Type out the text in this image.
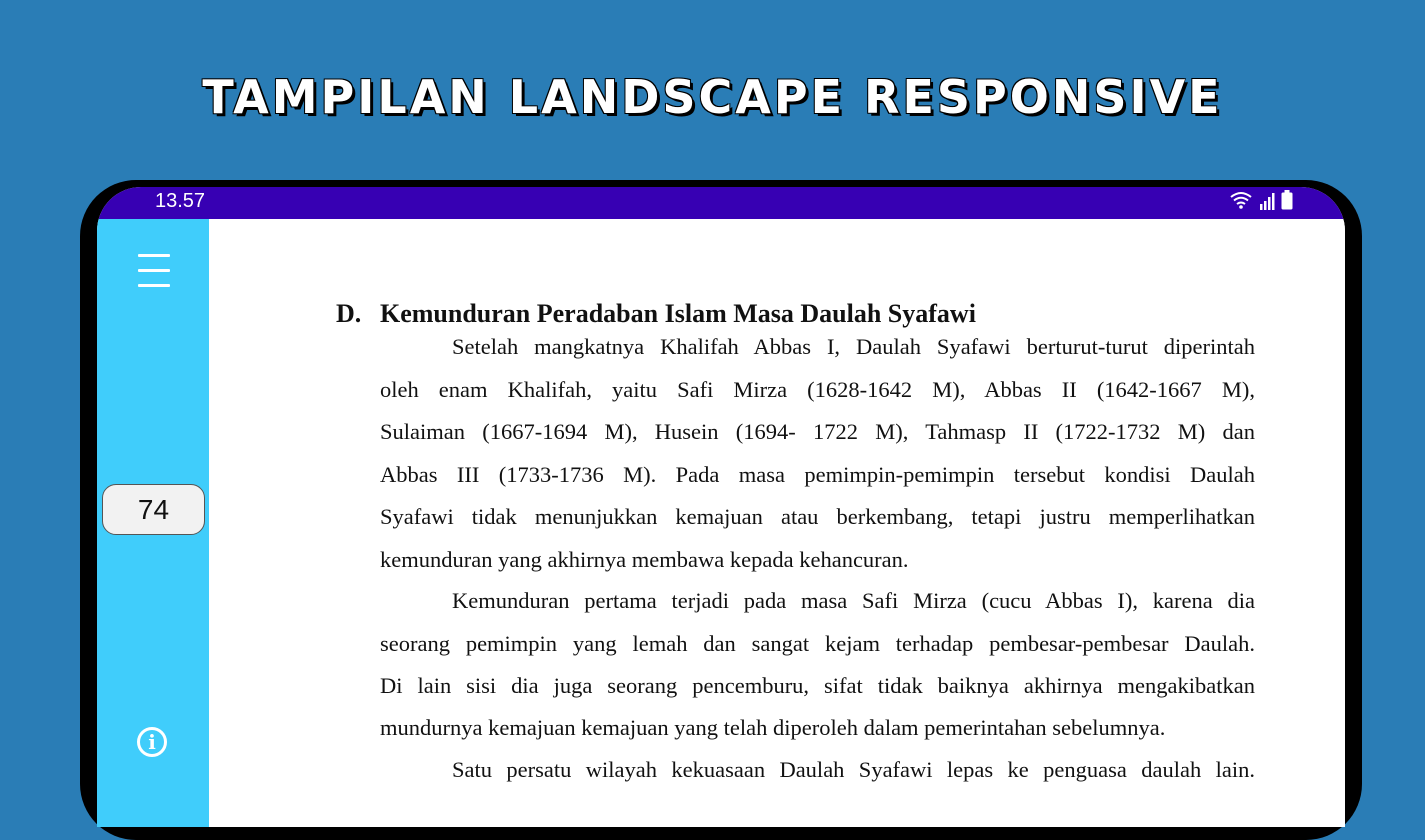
TAMPILAN LANDSCAPE RESPONSIVE
13.57
74
i
D. Kemunduran Peradaban Islam Masa Daulah Syafawi
Setelah mangkatnya Khalifah Abbas I, Daulah Syafawi berturut-turut diperintah
oleh enam Khalifah, yaitu Safi Mirza (1628-1642 M), Abbas II (1642-1667 M),
Sulaiman (1667-1694 M), Husein (1694- 1722 M), Tahmasp II (1722-1732 M) dan
Abbas III (1733-1736 M). Pada masa pemimpin-pemimpin tersebut kondisi Daulah
Syafawi tidak menunjukkan kemajuan atau berkembang, tetapi justru memperlihatkan
kemunduran yang akhirnya membawa kepada kehancuran.
Kemunduran pertama terjadi pada masa Safi Mirza (cucu Abbas I), karena dia
seorang pemimpin yang lemah dan sangat kejam terhadap pembesar-pembesar Daulah.
Di lain sisi dia juga seorang pencemburu, sifat tidak baiknya akhirnya mengakibatkan
mundurnya kemajuan kemajuan yang telah diperoleh dalam pemerintahan sebelumnya.
Satu persatu wilayah kekuasaan Daulah Syafawi lepas ke penguasa daulah lain.
